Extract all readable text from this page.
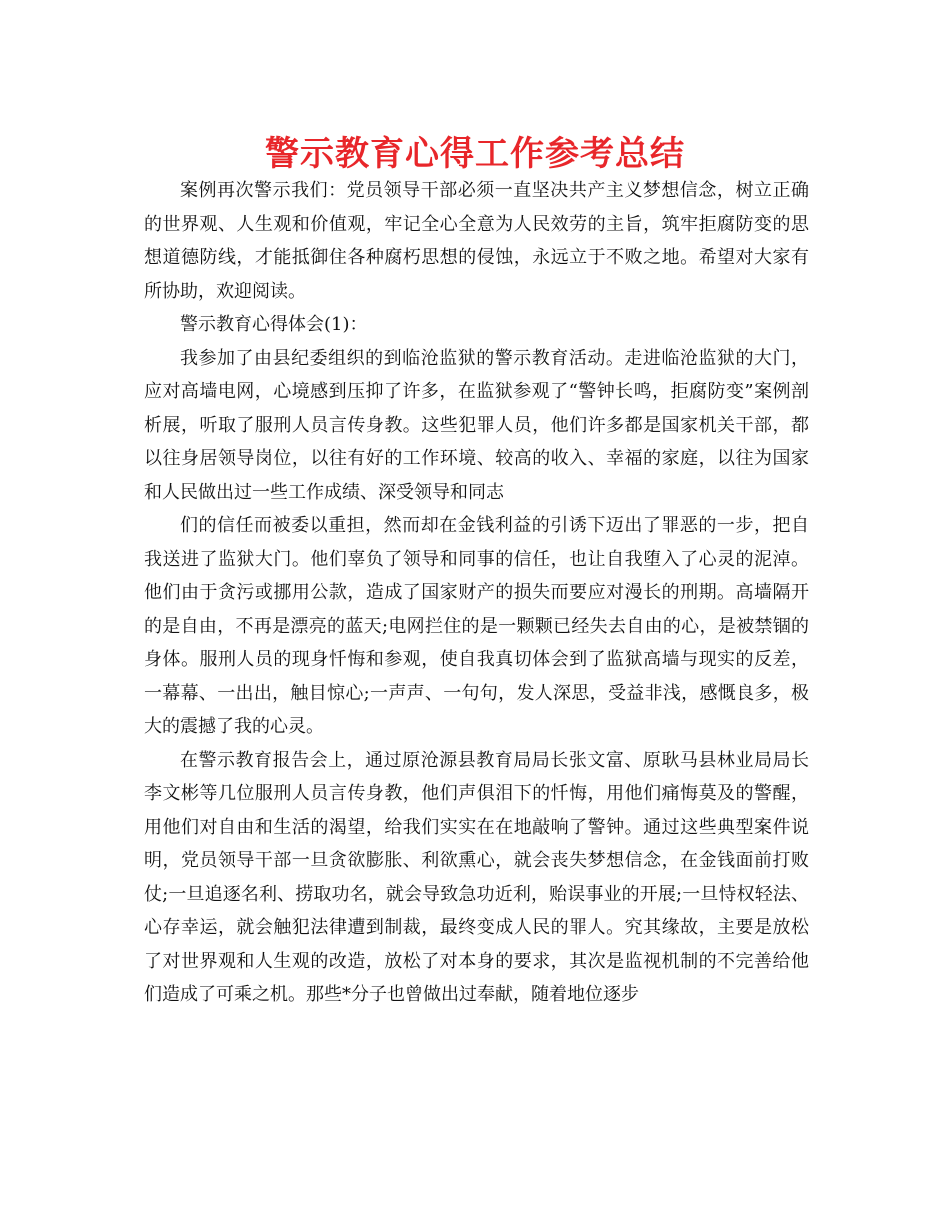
警示教育心得工作参考总结

案例再次警示我们：党员领导干部必须一直坚决共产主义梦想信念，树立正确的世界观、人生观和价值观，牢记全心全意为人民效劳的主旨，筑牢拒腐防变的思想道德防线，才能抵御住各种腐朽思想的侵蚀，永远立于不败之地。希望对大家有所协助，欢迎阅读。

警示教育心得体会(1)：

我参加了由县纪委组织的到临沧监狱的警示教育活动。走进临沧监狱的大门，应对高墙电网，心境感到压抑了许多，在监狱参观了“警钟长鸣，拒腐防变”案例剖析展，听取了服刑人员言传身教。这些犯罪人员，他们许多都是国家机关干部，都以往身居领导岗位，以往有好的工作环境、较高的收入、幸福的家庭，以往为国家和人民做出过一些工作成绩、深受领导和同志

们的信任而被委以重担，然而却在金钱利益的引诱下迈出了罪恶的一步，把自我送进了监狱大门。他们辜负了领导和同事的信任，也让自我堕入了心灵的泥淖。他们由于贪污或挪用公款，造成了国家财产的损失而要应对漫长的刑期。高墙隔开的是自由，不再是漂亮的蓝天;电网拦住的是一颗颗已经失去自由的心，是被禁锢的身体。服刑人员的现身忏悔和参观，使自我真切体会到了监狱高墙与现实的反差，一幕幕、一出出，触目惊心;一声声、一句句，发人深思，受益非浅，感慨良多，极大的震撼了我的心灵。

在警示教育报告会上，通过原沧源县教育局局长张文富、原耿马县林业局局长李文彬等几位服刑人员言传身教，他们声俱泪下的忏悔，用他们痛悔莫及的警醒，用他们对自由和生活的渴望，给我们实实在在地敲响了警钟。通过这些典型案件说明，党员领导干部一旦贪欲膨胀、利欲熏心，就会丧失梦想信念，在金钱面前打败仗;一旦追逐名利、捞取功名，就会导致急功近利，贻误事业的开展;一旦恃权轻法、心存幸运，就会触犯法律遭到制裁，最终变成人民的罪人。究其缘故，主要是放松了对世界观和人生观的改造，放松了对本身的要求，其次是监视机制的不完善给他们造成了可乘之机。那些*分子也曾做出过奉献，随着地位逐步
